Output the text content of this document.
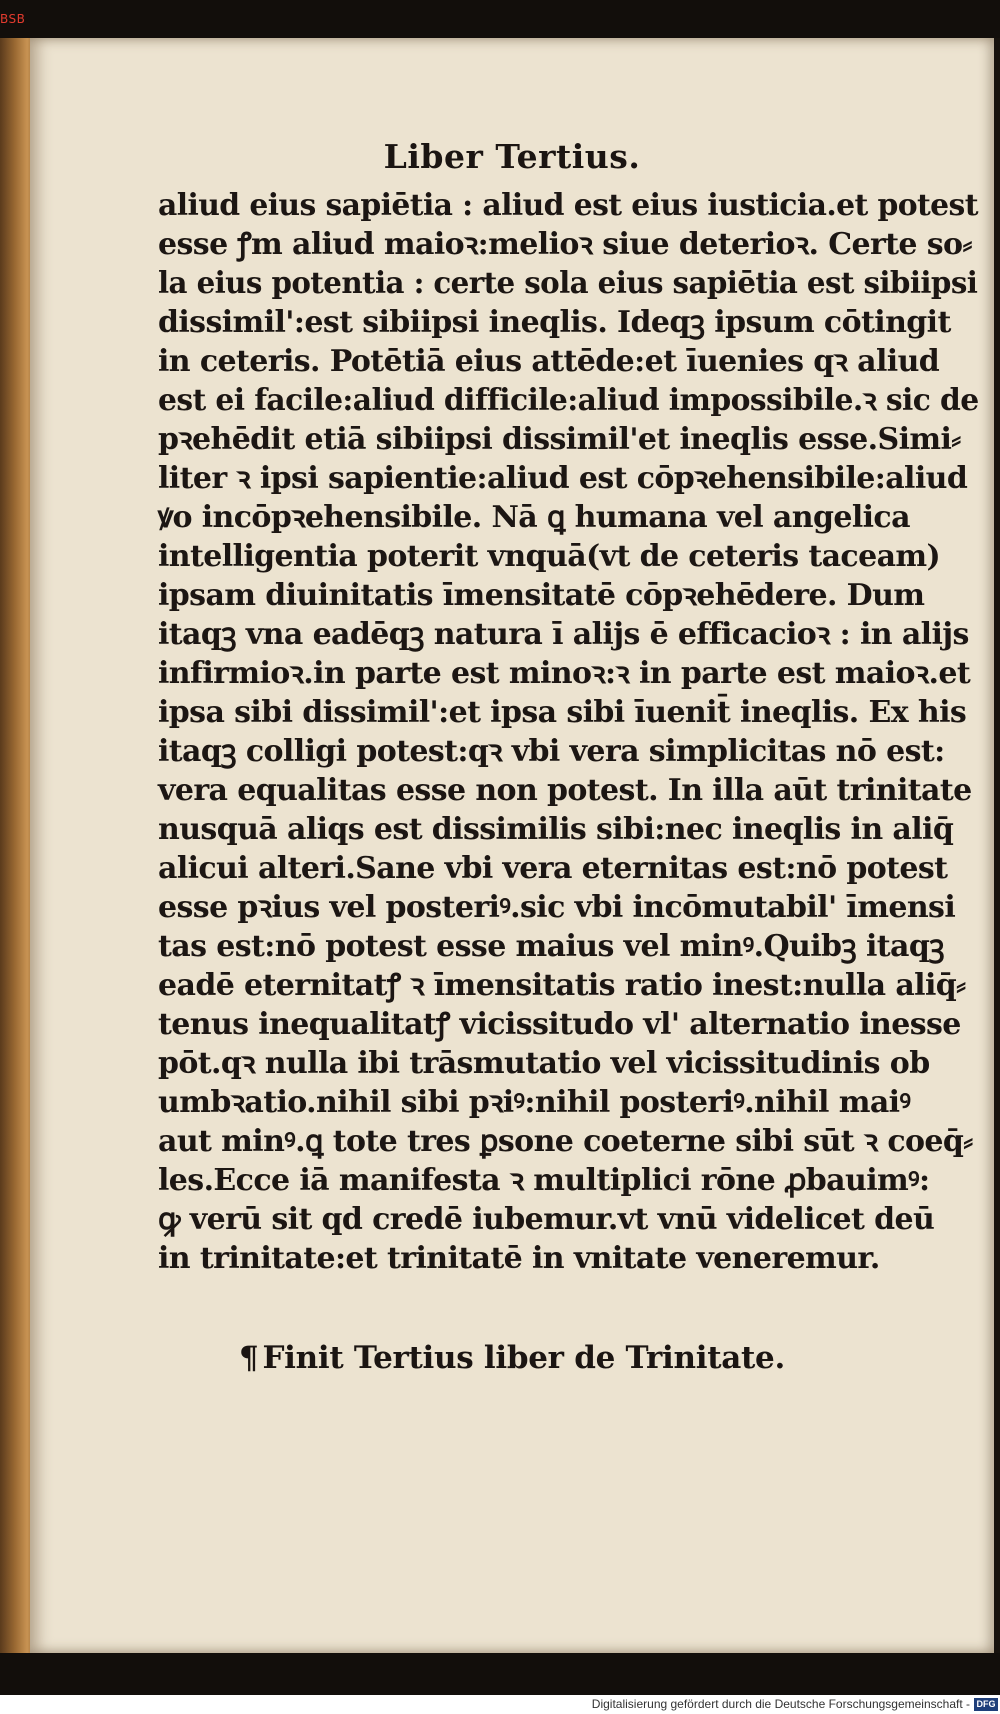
BSB
Liber Tertius.
aliud eius sapiētia : aliud est eius iusticia.et potest
esse ꝭm aliud maioꝛ:melioꝛ siue deterioꝛ. Certe so⸗
la eius potentia : certe sola eius sapiētia est sibiipsi
dissimil':est sibiipsi ineqlis. Ideqꝫ ipsum cōtingit
in ceteris. Potētiā eius attēde:et īuenies qꝛ aliud
est ei facile:aliud difficile:aliud impossibile.ꝛ sic de
pꝛehēdit etiā sibiipsi dissimil'et ineqlis esse.Simi⸗
liter ꝛ ipsi sapientie:aliud est cōpꝛehensibile:aliud
ꝟo incōpꝛehensibile. Nā ꝗ humana vel angelica
intelligentia poterit vnquā(vt de ceteris taceam)
ipsam diuinitatis īmensitatē cōpꝛehēdere. Dum
itaqꝫ vna eadēqꝫ natura ī alijs ē efficacioꝛ : in alijs
infirmioꝛ.in parte est minoꝛ:ꝛ in parte est maioꝛ.et
ipsa sibi dissimil':et ipsa sibi īuenit̄ ineqlis. Ex his
itaqꝫ colligi potest:qꝛ vbi vera simplicitas nō est:
vera equalitas esse non potest. In illa aūt trinitate
nusquā aliqs est dissimilis sibi:nec ineqlis in aliq̄
alicui alteri.Sane vbi vera eternitas est:nō potest
esse pꝛius vel posteriꝰ.sic vbi incōmutabil' īmensi
tas est:nō potest esse maius vel minꝰ.Quibꝫ itaqꝫ
eadē eternitatꝭ ꝛ īmensitatis ratio inest:nulla aliq̄⸗
tenus inequalitatꝭ vicissitudo vl' alternatio inesse
pōt.qꝛ nulla ibi trāsmutatio vel vicissitudinis ob
umbꝛatio.nihil sibi pꝛiꝰ:nihil posteriꝰ.nihil maiꝰ
aut minꝰ.ꝗ tote tres ꝑsone coeterne sibi sūt ꝛ coeq̄⸗
les.Ecce iā manifesta ꝛ multiplici rōne ꝓbauimꝰ:
ꝙ verū sit qd credē iubemur.vt vnū videlicet deū
in trinitate:et trinitatē in vnitate veneremur.
¶ Finit Tertius liber de Trinitate.
Digitalisierung gefördert durch die Deutsche Forschungsgemeinschaft - DFG
